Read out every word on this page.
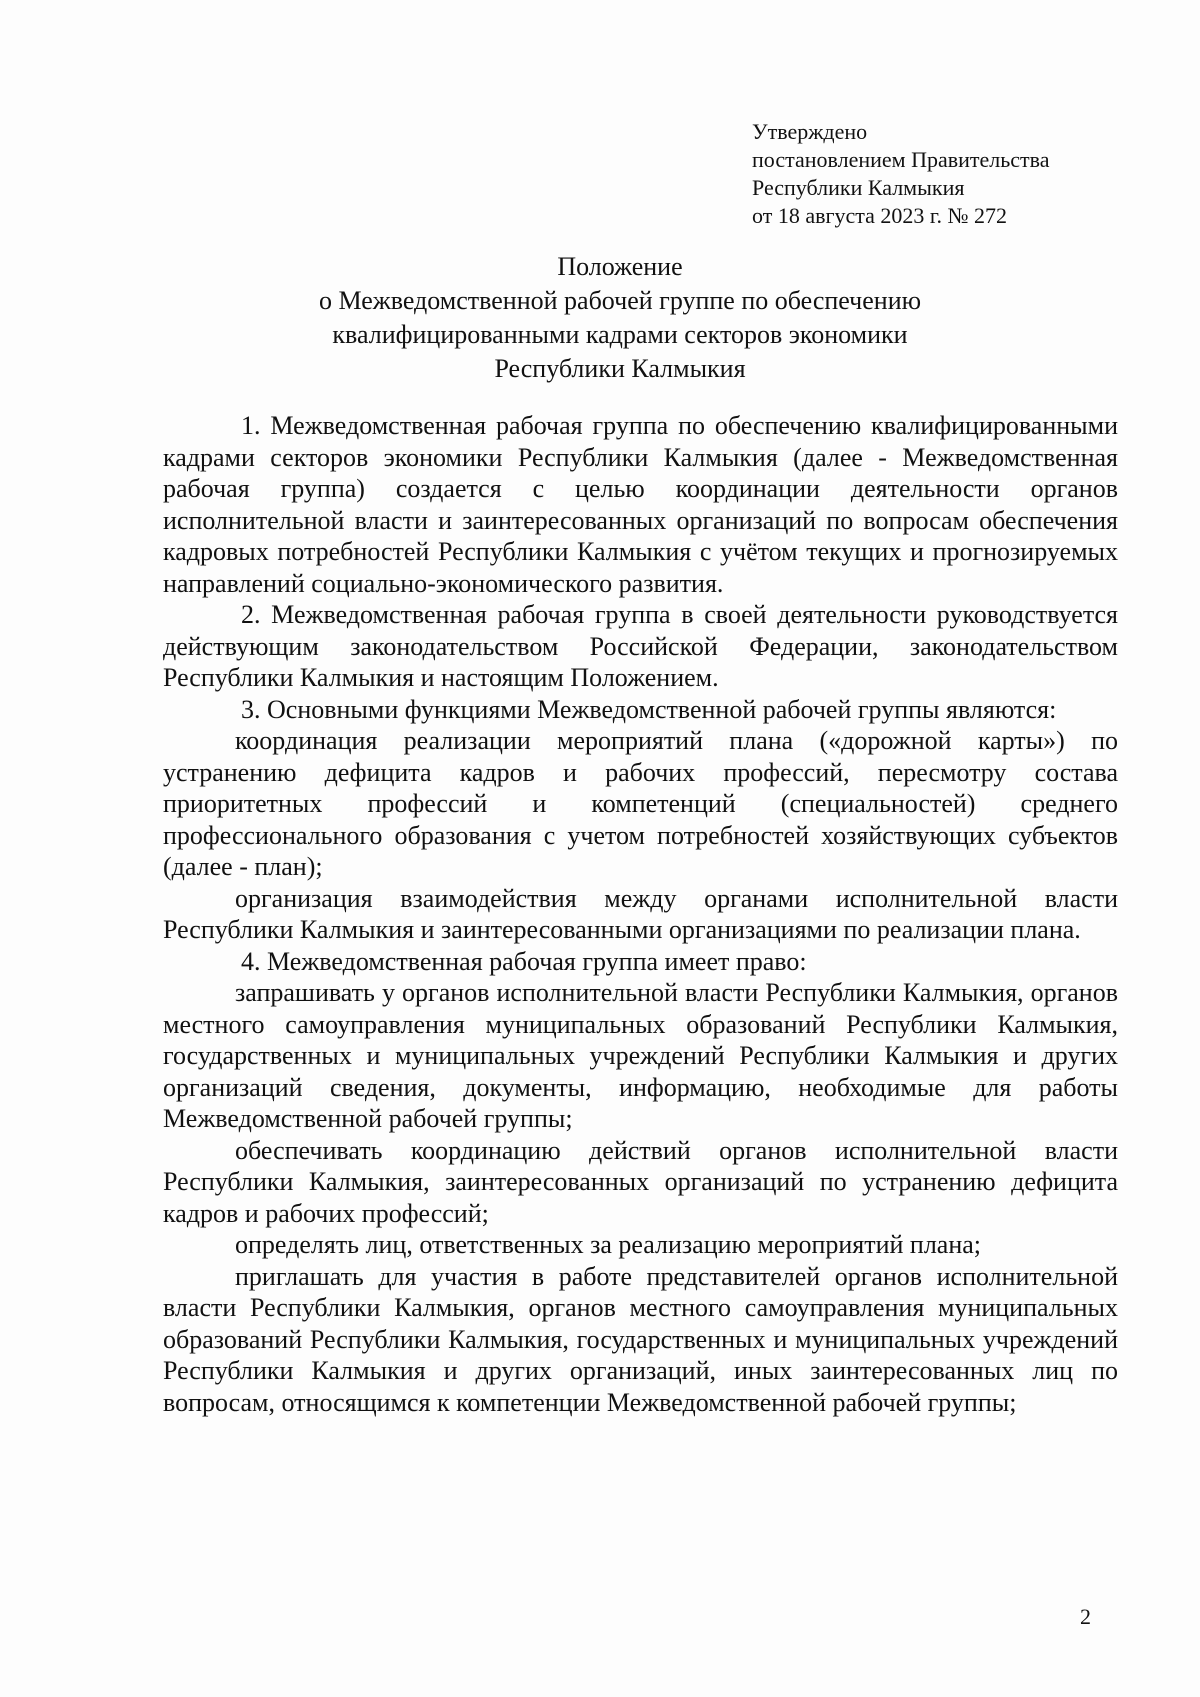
Утверждено
постановлением Правительства
Республики Калмыкия
от 18 августа 2023 г. № 272
Положение
о Межведомственной рабочей группе по обеспечению
квалифицированными кадрами секторов экономики
Республики Калмыкия

1. Межведомственная рабочая группа по обеспечению квалифицированными кадрами секторов экономики Республики Калмыкия (далее - Межведомственная рабочая группа) создается с целью координации деятельности органов исполнительной власти и заинтересованных организаций по вопросам обеспечения кадровых потребностей Республики Калмыкия с учётом текущих и прогнозируемых направлений социально-экономического развития.

2. Межведомственная рабочая группа в своей деятельности руководствуется действующим законодательством Российской Федерации, законодательством Республики Калмыкия и настоящим Положением.

3. Основными функциями Межведомственной рабочей группы являются:

координация реализации мероприятий плана («дорожной карты») по устранению дефицита кадров и рабочих профессий, пересмотру состава приоритетных профессий и компетенций (специальностей) среднего профессионального образования с учетом потребностей хозяйствующих субъектов (далее - план);

организация взаимодействия между органами исполнительной власти Республики Калмыкия и заинтересованными организациями по реализации плана.

4. Межведомственная рабочая группа имеет право:

запрашивать у органов исполнительной власти Республики Калмыкия, органов местного самоуправления муниципальных образований Республики Калмыкия, государственных и муниципальных учреждений Республики Калмыкия и других организаций сведения, документы, информацию, необходимые для работы Межведомственной рабочей группы;

обеспечивать координацию действий органов исполнительной власти Республики Калмыкия, заинтересованных организаций по устранению дефицита кадров и рабочих профессий;

определять лиц, ответственных за реализацию мероприятий плана;

приглашать для участия в работе представителей органов исполнительной власти Республики Калмыкия, органов местного самоуправления муниципальных образований Республики Калмыкия, государственных и муниципальных учреждений Республики Калмыкия и других организаций, иных заинтересованных лиц по вопросам, относящимся к компетенции Межведомственной рабочей группы;

2
